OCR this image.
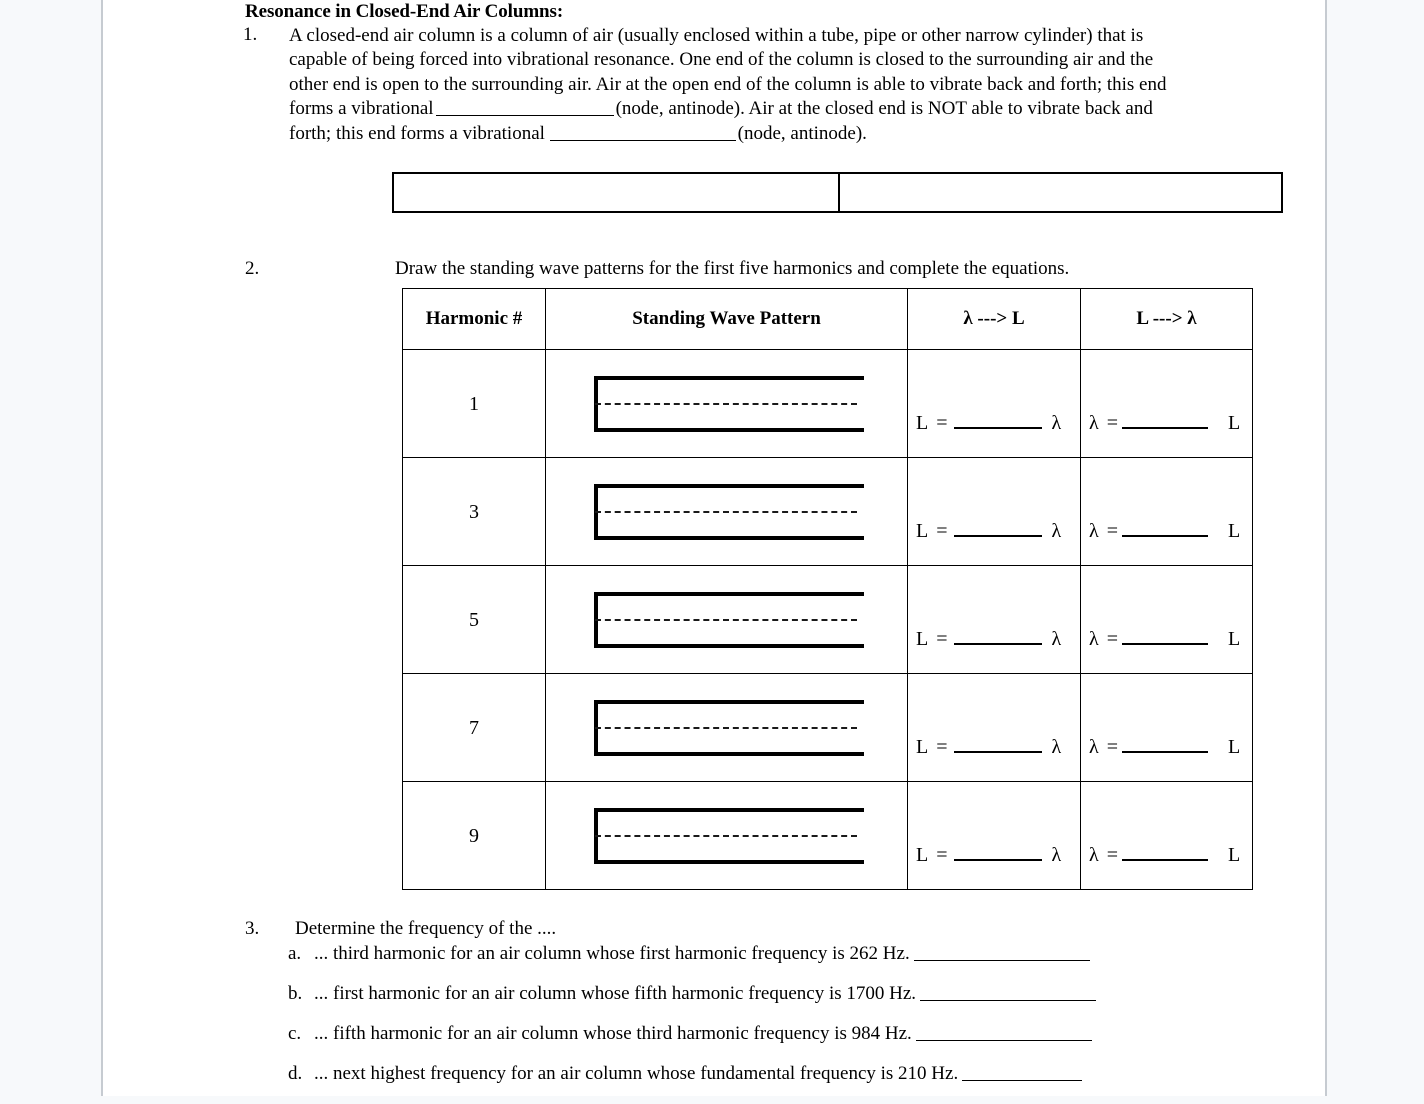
Resonance in Closed-End Air Columns:
1. A closed-end air column is a column of air (usually enclosed within a tube, pipe or other narrow cylinder) that is capable of being forced into vibrational resonance. One end of the column is closed to the surrounding air and the other end is open to the surrounding air. Air at the open end of the column is able to vibrate back and forth; this end forms a vibrational	(node, antinode). Air at the closed end is NOT able to vibrate back and forth; this end forms a vibrational	(node, antinode).
2.	Draw the standing wave patterns for the first five harmonics and complete the equations.
Harmonic #	Standing Wave Pattern	λ ---> L	L ---> λ
1		L = λ	λ = L

3		L = λ	λ = L

5		L = λ	λ = L

7		L = λ	λ = L

9		L = λ	λ = L
3. Determine the frequency of the ....
a. ... third harmonic for an air column whose first harmonic frequency is 262 Hz.
b. ... first harmonic for an air column whose fifth harmonic frequency is 1700 Hz.
c. ... fifth harmonic for an air column whose third harmonic frequency is 984 Hz.
d. ... next highest frequency for an air column whose fundamental frequency is 210 Hz.
